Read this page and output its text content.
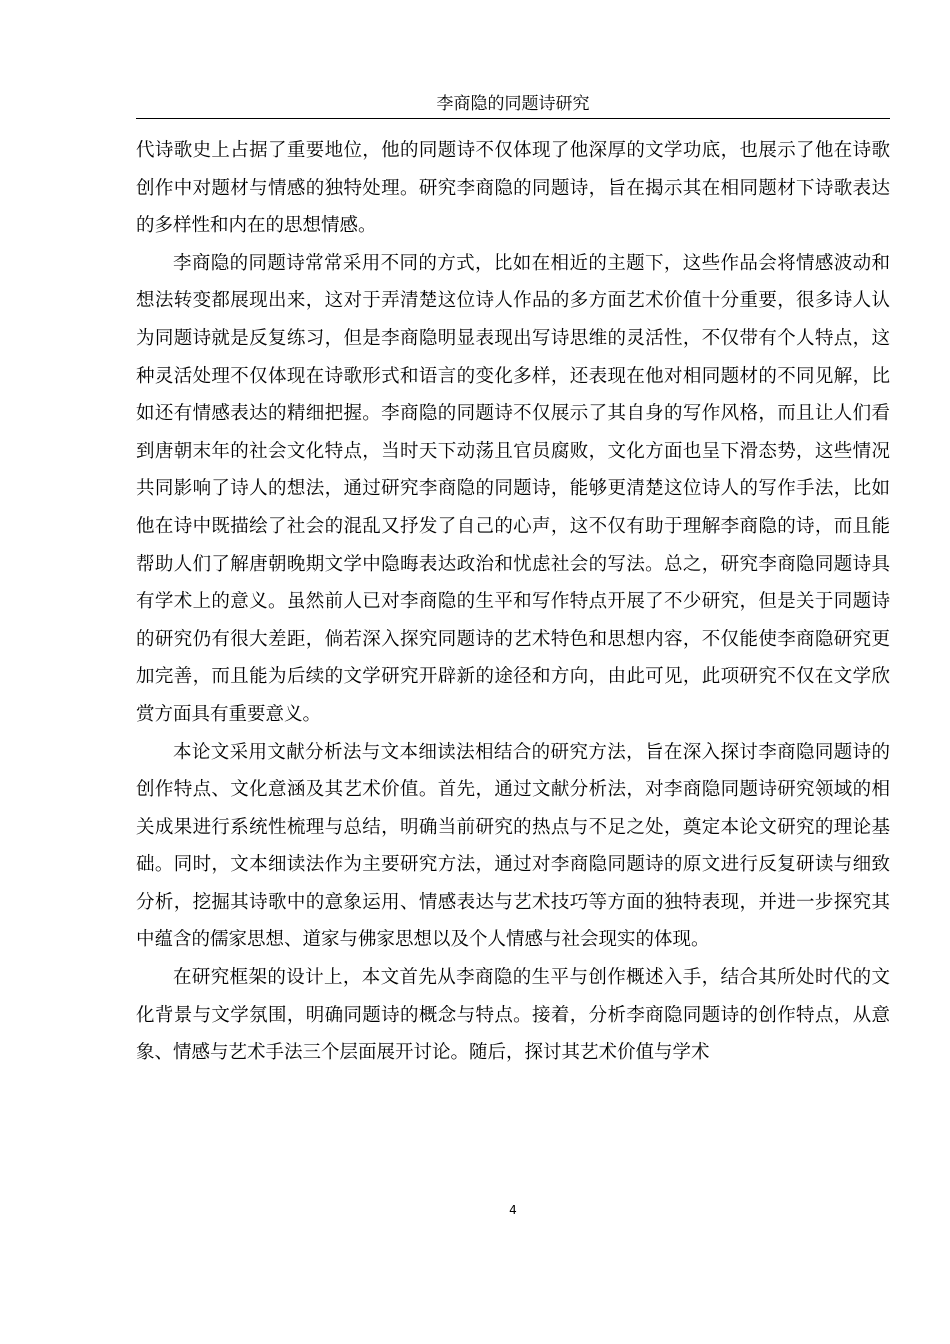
李商隐的同题诗研究

代诗歌史上占据了重要地位，他的同题诗不仅体现了他深厚的文学功底，也展示了他在诗歌创作中对题材与情感的独特处理。研究李商隐的同题诗，旨在揭示其在相同题材下诗歌表达的多样性和内在的思想情感。

李商隐的同题诗常常采用不同的方式，比如在相近的主题下，这些作品会将情感波动和想法转变都展现出来，这对于弄清楚这位诗人作品的多方面艺术价值十分重要，很多诗人认为同题诗就是反复练习，但是李商隐明显表现出写诗思维的灵活性，不仅带有个人特点，这种灵活处理不仅体现在诗歌形式和语言的变化多样，还表现在他对相同题材的不同见解，比如还有情感表达的精细把握。李商隐的同题诗不仅展示了其自身的写作风格，而且让人们看到唐朝末年的社会文化特点，当时天下动荡且官员腐败，文化方面也呈下滑态势，这些情况共同影响了诗人的想法，通过研究李商隐的同题诗，能够更清楚这位诗人的写作手法，比如他在诗中既描绘了社会的混乱又抒发了自己的心声，这不仅有助于理解李商隐的诗，而且能帮助人们了解唐朝晚期文学中隐晦表达政治和忧虑社会的写法。总之，研究李商隐同题诗具有学术上的意义。虽然前人已对李商隐的生平和写作特点开展了不少研究，但是关于同题诗的研究仍有很大差距，倘若深入探究同题诗的艺术特色和思想内容，不仅能使李商隐研究更加完善，而且能为后续的文学研究开辟新的途径和方向，由此可见，此项研究不仅在文学欣赏方面具有重要意义。

本论文采用文献分析法与文本细读法相结合的研究方法，旨在深入探讨李商隐同题诗的创作特点、文化意涵及其艺术价值。首先，通过文献分析法，对李商隐同题诗研究领域的相关成果进行系统性梳理与总结，明确当前研究的热点与不足之处，奠定本论文研究的理论基础。同时，文本细读法作为主要研究方法，通过对李商隐同题诗的原文进行反复研读与细致分析，挖掘其诗歌中的意象运用、情感表达与艺术技巧等方面的独特表现，并进一步探究其中蕴含的儒家思想、道家与佛家思想以及个人情感与社会现实的体现。

在研究框架的设计上，本文首先从李商隐的生平与创作概述入手，结合其所处时代的文化背景与文学氛围，明确同题诗的概念与特点。接着，分析李商隐同题诗的创作特点，从意象、情感与艺术手法三个层面展开讨论。随后，探讨其艺术价值与学术

4
